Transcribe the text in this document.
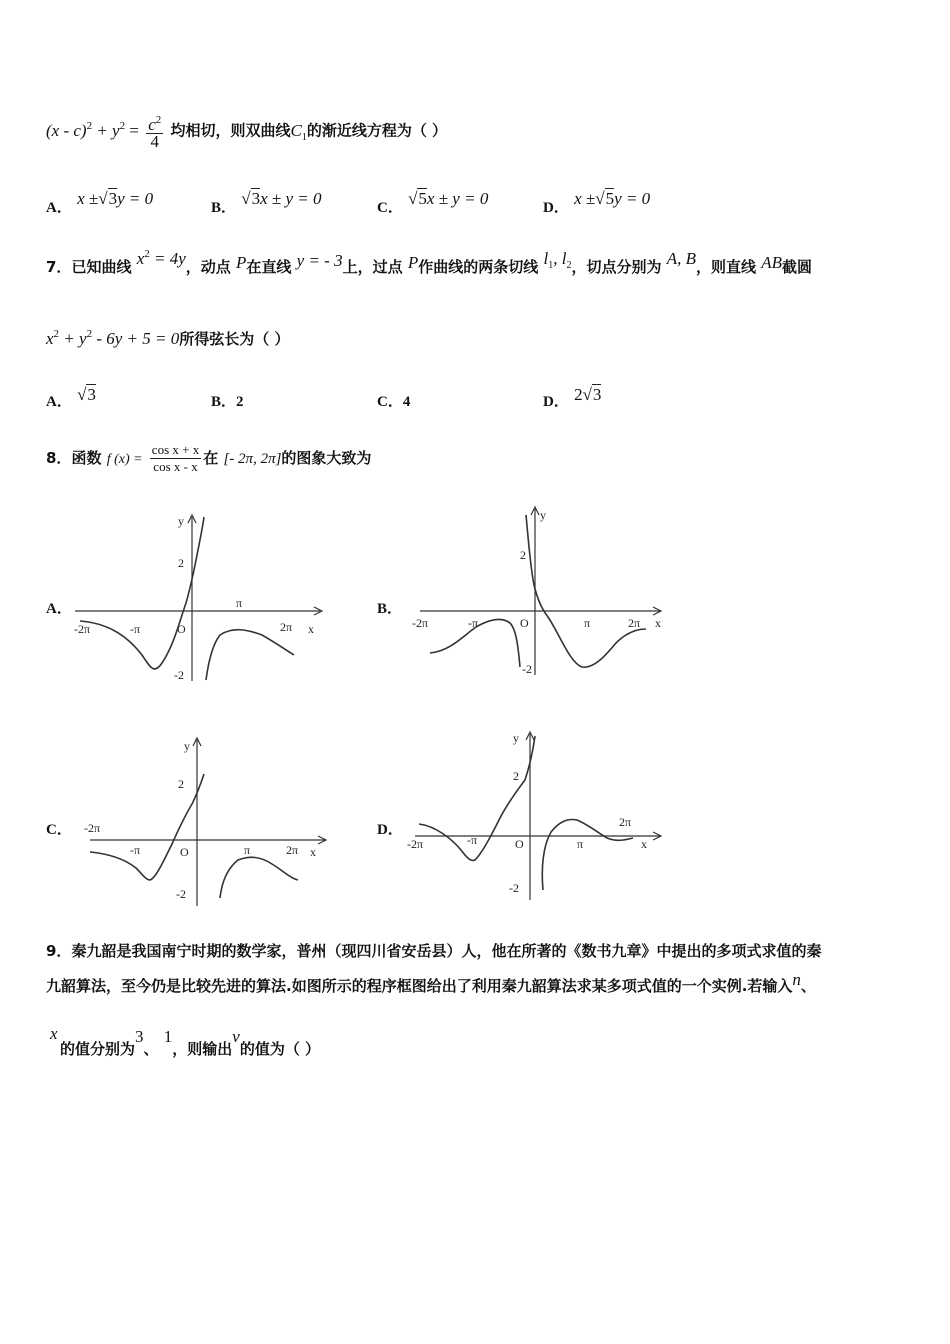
$(x - c)^2 + y^2 = \frac{c^2}{4}$ 均相切，则双曲线$C_1$的渐近线方程为（ ）
A． x ±√3y = 0	B． √3x ± y = 0	C． √5x ± y = 0	D． x ±√5y = 0
7．已知曲线 $x^2 = 4y$，动点 P在直线 y = - 3上，过点 P作曲线的两条切线 $l_1$, $l_2$，切点分别为 A, B，则直线 AB截圆
$x^2 + y^2 - 6y + 5 = 0$所得弦长为（ ）
A． √3	B．2	C．4	D． 2√3
8．函数 f $(x) = \frac{\text{cos x + x}}{\text{cos x - x}}$ 在 [- 2π, 2π]的图象大致为
A．	B．
C．	D．
y
x
O
2
-2
π
-π
-2π	2π
y
x
O
2
-2
π
-π
-2π	2π
y
x
O
2
-2
π
-π
-2π
2π
y
x
O
2
-2
π
-π
-2π
2π
9．秦九韶是我国南宁时期的数学家，普州（现四川省安岳县）人，他在所著的《数书九章》中提出的多项式求值的秦
九韶算法，至今仍是比较先进的算法.如图所示的程序框图给出了利用秦九韶算法求某多项式值的一个实例.若输入n、
x
的值分别为3、 1，则输出v的值为（ ）
